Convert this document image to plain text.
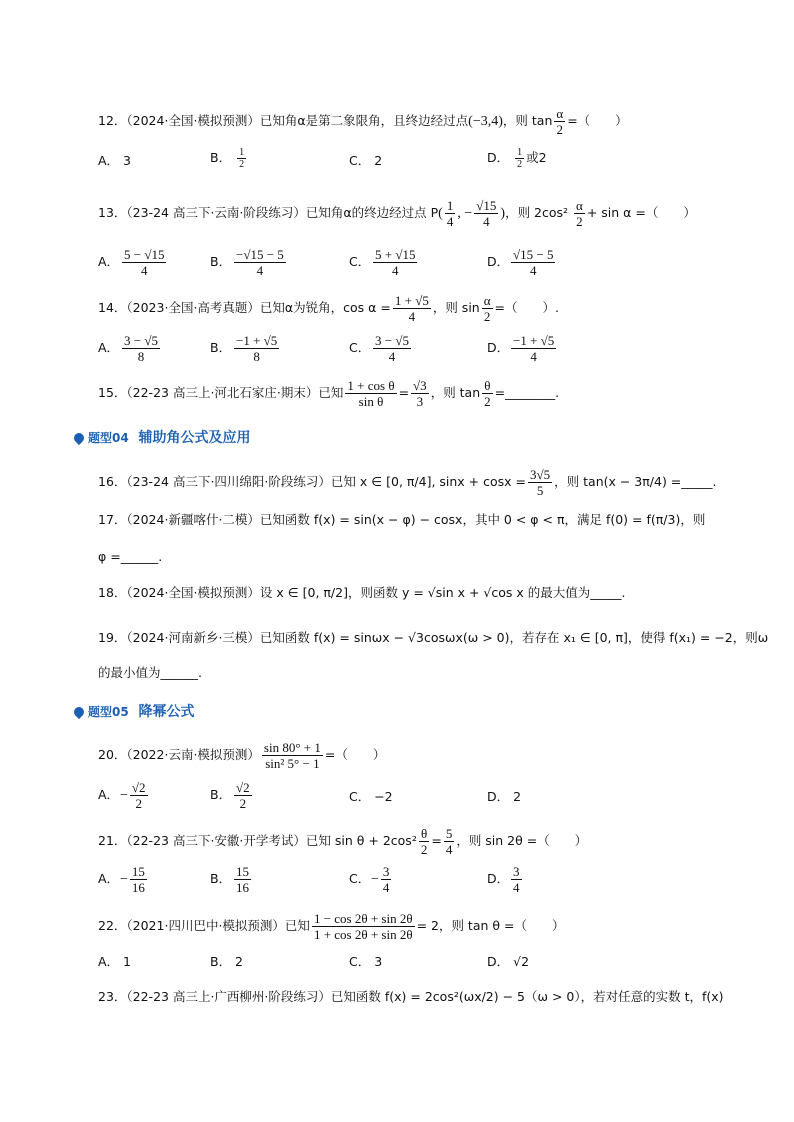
12．（2024·全国·模拟预测）已知角α是第二象限角，且终边经过点(−3,4)，则 $\tan \frac{\alpha}{2}$ =（　　）
A． 3	B． $\frac{1}{2}$	C． 2	D． $\frac{1}{2}$ 或2
13．（23-24 高三下·云南·阶段练习）已知角α的终边经过点 $P( \frac{1}{4}$ , − $\frac{√15}{4}$ )，则 $2\cos^2 \frac{\alpha}{2} + \sin \alpha$ =（　　）
A． $\frac{5 - √15}{4}$	B． $\frac{-√15 - 5}{4}$	C． $\frac{5 + √15}{4}$	D． $\frac{√15 - 5}{4}$
14．（2023·全国·高考真题）已知α为锐角，$\cos \alpha = \frac{1 + √5}{4}$ ，则 $\sin \frac{\alpha}{2}$ =（　　）.
A． $\frac{3 - √5}{8}$	B． $\frac{-1 + √5}{8}$	C． $\frac{3 - √5}{4}$	D． $\frac{-1 + √5}{4}$
15．（22-23 高三上·河北石家庄·期末）已知 $\frac{\text{1 + cos θ}}{\text{sin θ}} = \frac{√3}{3}$ ，则 $\tan \frac{\theta}{2}$ =________.
题型04 辅助角公式及应用
16．（23-24 高三下·四川绵阳·阶段练习）已知 x ∈ [0, π/4], $\sin x + \cos x = \frac{3√5}{5}$ ，则 tan(x − 3π/4) =_____.
17．（2024·新疆喀什·二模）已知函数 f(x) = sin(x − φ) − cosx，其中 0 < φ < π，满足 f(0) = f(π/3)，则
φ =______.
18．（2024·全国·模拟预测）设 x ∈ [0, π/2]，则函数 y = √sin x + √cos x 的最大值为_____.
19．（2024·河南新乡·三模）已知函数 f(x) = sinωx − √3cosωx(ω > 0)，若存在 x₁ ∈ [0, π]，使得 f(x₁) = −2，则ω
的最小值为______.
题型05 降幂公式
20．（2022·云南·模拟预测） $\frac{\sin 80^\circ + 1}{\text{sin² 5° − 1}}$ =（　　）
A．− $\frac{√2}{2}$	B． $\frac{√2}{2}$	C． −2	D． 2
21．（22-23 高三下·安徽·开学考试）已知 $\sin \theta + 2\cos^2 \frac{\theta}{2} = \frac{5}{4}$ ，则 sin 2θ =（　　）
A．− $\frac{15}{16}$	B． $\frac{15}{16}$	C．− $\frac{3}{4}$	D． $\frac{3}{4}$
22．（2021·四川巴中·模拟预测）已知 $\frac{1 - \cos 2\theta + \sin 2\theta}{1 + \cos 2\theta + \sin 2\theta} = 2$，则 tan θ =（　　）
A． 1	B． 2	C． 3	D． √2
23．（22-23 高三上·广西柳州·阶段练习）已知函数 f(x) = 2cos²(ωx/2) − 5（ω > 0），若对任意的实数 t，f(x)
